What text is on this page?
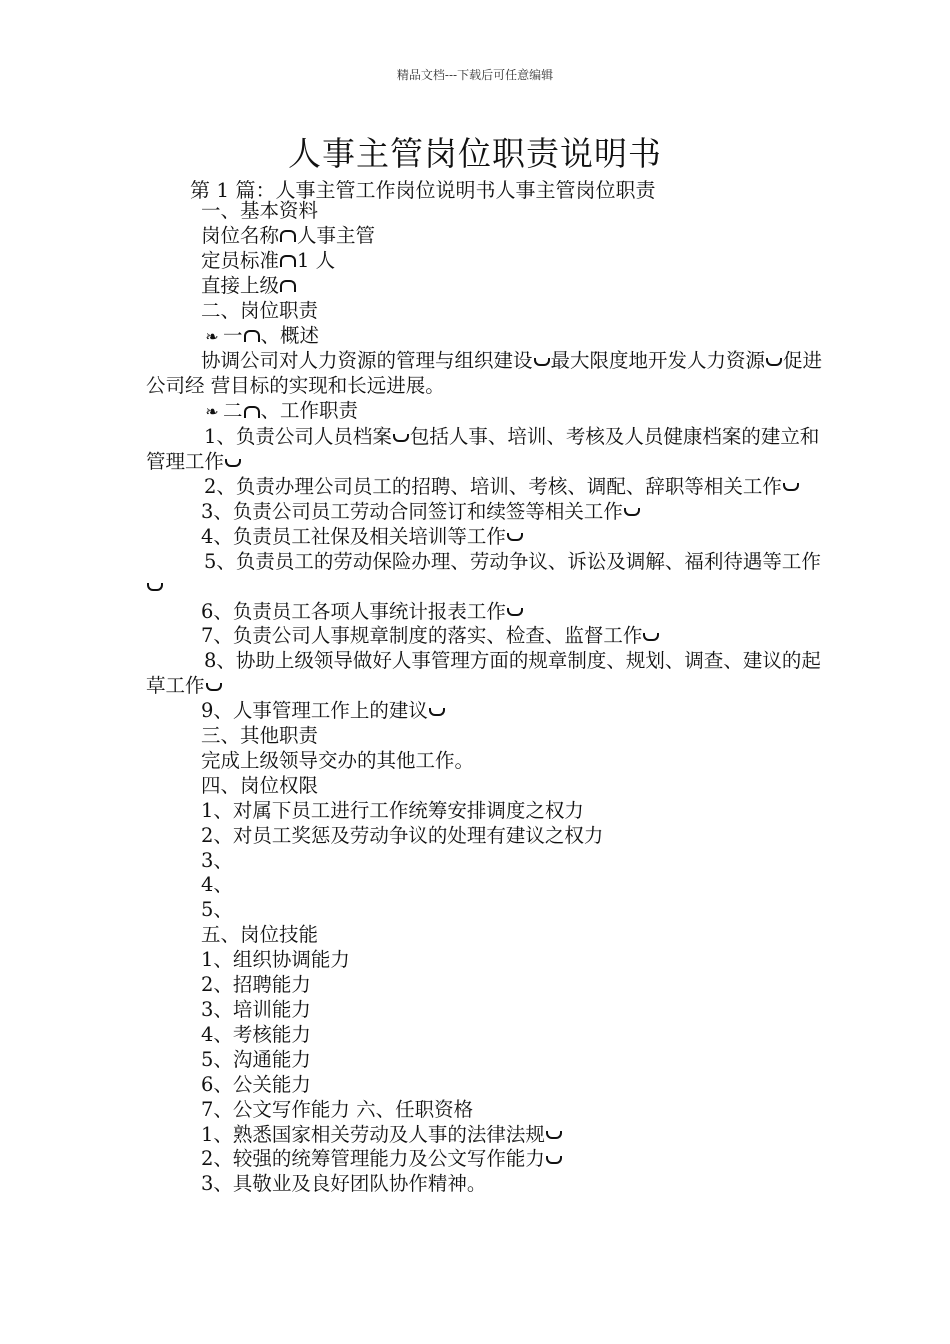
精品文档---下载后可任意编辑
人事主管岗位职责说明书
第 1 篇：人事主管工作岗位说明书人事主管岗位职责
一、基本资料
岗位名称 人事主管
定员标准 1 人
直接上级
二、岗位职责
❧ 一 、概述
协调公司对人力资源的管理与组织建设 最大限度地开发人力资源 促进公司经 营目标的实现和长远进展。
❧ 二 、工作职责
1、负责公司人员档案 包括人事、培训、考核及人员健康档案的建立和管理工作
2、负责办理公司员工的招聘、培训、考核、调配、辞职等相关工作
3、负责公司员工劳动合同签订和续签等相关工作
4、负责员工社保及相关培训等工作
5、负责员工的劳动保险办理、劳动争议、诉讼及调解、福利待遇等工作
6、负责员工各项人事统计报表工作
7、负责公司人事规章制度的落实、检查、监督工作
8、协助上级领导做好人事管理方面的规章制度、规划、调查、建议的起草工作
9、人事管理工作上的建议
三、其他职责
完成上级领导交办的其他工作。
四、岗位权限
1、对属下员工进行工作统筹安排调度之权力
2、对员工奖惩及劳动争议的处理有建议之权力
3、
4、
5、
五、岗位技能
1、组织协调能力
2、招聘能力
3、培训能力
4、考核能力
5、沟通能力
6、公关能力
7、公文写作能力 六、任职资格
1、熟悉国家相关劳动及人事的法律法规
2、较强的统筹管理能力及公文写作能力
3、具敬业及良好团队协作精神。
